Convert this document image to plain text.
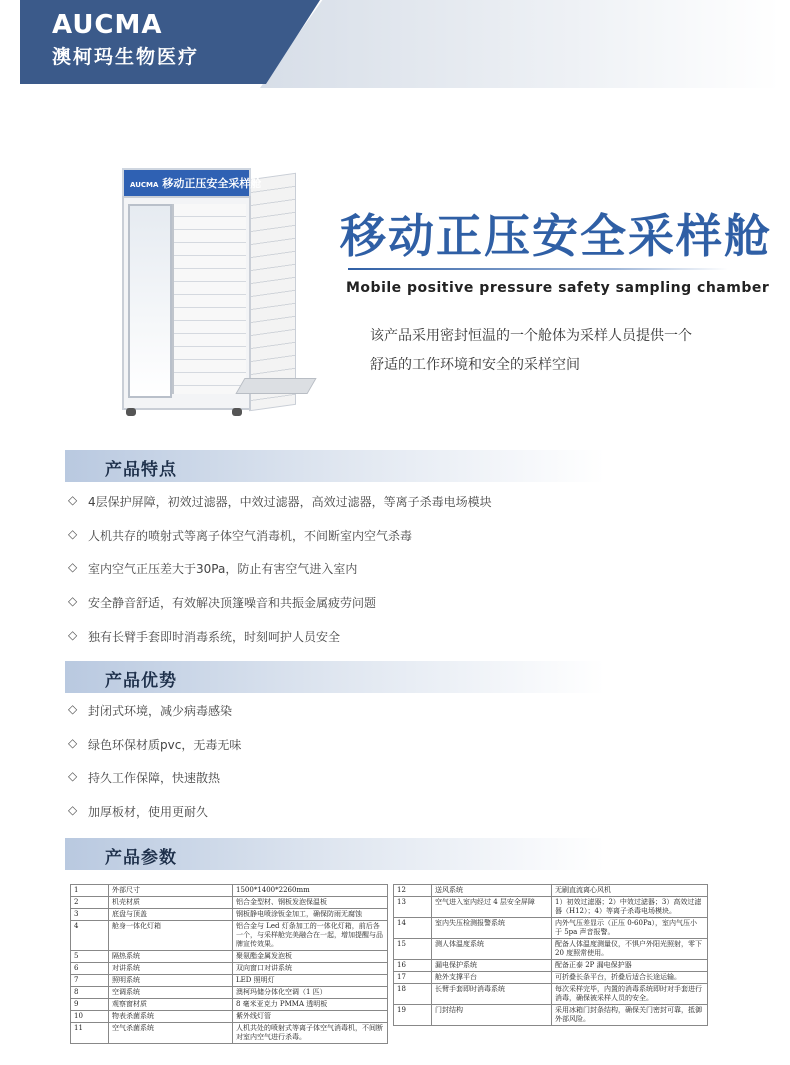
AUCMA
澳柯玛生物医疗
AUCMA 移动正压安全采样舱
移动正压安全采样舱
Mobile positive pressure safety sampling chamber
该产品采用密封恒温的一个舱体为采样人员提供一个
舒适的工作环境和安全的采样空间
产品特点
◇ 4层保护屏障，初效过滤器，中效过滤器，高效过滤器，等离子杀毒电场模块
◇ 人机共存的喷射式等离子体空气消毒机，不间断室内空气杀毒
◇ 室内空气正压差大于30Pa，防止有害空气进入室内
◇ 安全静音舒适，有效解决顶篷噪音和共振金属疲劳问题
◇ 独有长臂手套即时消毒系统，时刻呵护人员安全
产品优势
◇ 封闭式环境，减少病毒感染
◇ 绿色环保材质pvc，无毒无味
◇ 持久工作保障，快速散热
◇ 加厚板材，使用更耐久
产品参数
1	外部尺寸	1500*1400*2260mm
2	机壳材质	铝合金型材、钢板发泡保温板
3	底盘与顶盖	钢板静电喷涂钣金加工，确保防雨无腐蚀
4	舱身一体化灯箱	铝合金与 Led 灯条加工的一体化灯箱，前后各一个，与采样舱完美融合在一起，增加提醒与品牌宣传效果。
5	隔热系统	聚氨酯金属发泡板
6	对讲系统	双向窗口对讲系统
7	照明系统	LED 照明灯
8	空调系统	澳柯玛储分体化空调（1 匹）
9	观察窗材质	8 毫米亚克力 PMMA 透明板
10	物表杀菌系统	紫外线灯管
11	空气杀菌系统	人机共处的喷射式等离子体空气消毒机，不间断对室内空气进行杀毒。
12	送风系统	无刷直流离心风机
13	空气进入室内经过 4 层安全屏障	1）初效过滤器；2）中效过滤器；3）高效过滤器（H12）；4）等离子杀毒电场模块。
14	室内失压检测报警系统	内外气压差显示（正压 0-60Pa），室内气压小于 5pa 声音报警。
15	测人体温度系统	配备人体温度测量仪，不惧户外阳光照射，零下 20 度照常使用。
16	漏电保护系统	配备正泰 2P 漏电保护器
17	舱外支撑平台	可折叠长条平台，折叠后适合长途运输。
18	长臂手套即时消毒系统	每次采样完毕，内置的消毒系统即时对手套进行消毒，确保被采样人员的安全。
19	门封结构	采用冰箱门封条结构，确保关门密封可靠，抵御外部风险。
